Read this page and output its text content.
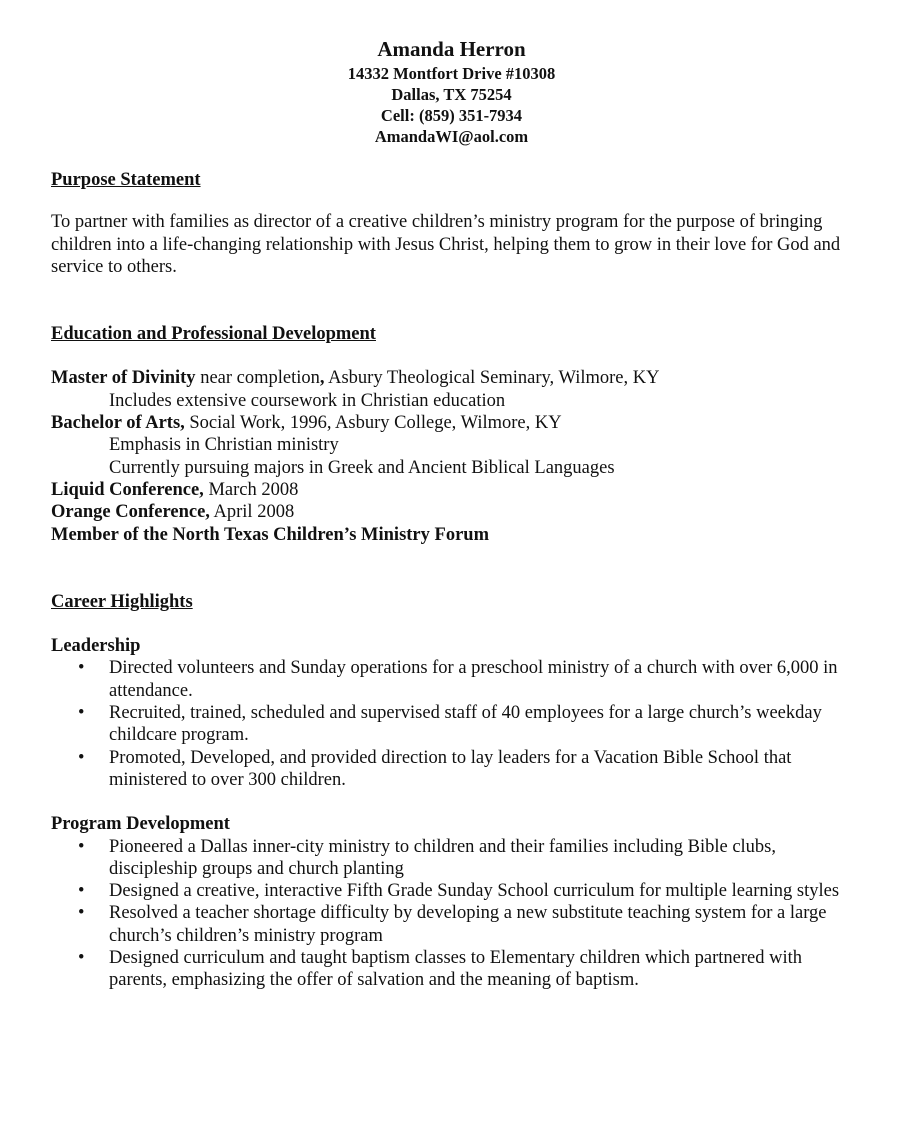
Amanda Herron
14332 Montfort Drive #10308
Dallas, TX 75254
Cell: (859) 351-7934
AmandaWI@aol.com
Purpose Statement

To partner with families as director of a creative children’s ministry program for the purpose of bringing children into a life-changing relationship with Jesus Christ, helping them to grow in their love for God and service to others.

Education and Professional Development
Master of Divinity near completion, Asbury Theological Seminary, Wilmore, KY
Includes extensive coursework in Christian education
Bachelor of Arts, Social Work, 1996, Asbury College, Wilmore, KY
Emphasis in Christian ministry
Currently pursuing majors in Greek and Ancient Biblical Languages
Liquid Conference, March 2008
Orange Conference, April 2008
Member of the North Texas Children’s Ministry Forum
Career Highlights
Leadership
• Directed volunteers and Sunday operations for a preschool ministry of a church with over 6,000 in attendance.
• Recruited, trained, scheduled and supervised staff of 40 employees for a large church’s weekday childcare program.
• Promoted, Developed, and provided direction to lay leaders for a Vacation Bible School that ministered to over 300 children.
Program Development
• Pioneered a Dallas inner-city ministry to children and their families including Bible clubs, discipleship groups and church planting
• Designed a creative, interactive Fifth Grade Sunday School curriculum for multiple learning styles
• Resolved a teacher shortage difficulty by developing a new substitute teaching system for a large church’s children’s ministry program
• Designed curriculum and taught baptism classes to Elementary children which partnered with parents, emphasizing the offer of salvation and the meaning of baptism.
